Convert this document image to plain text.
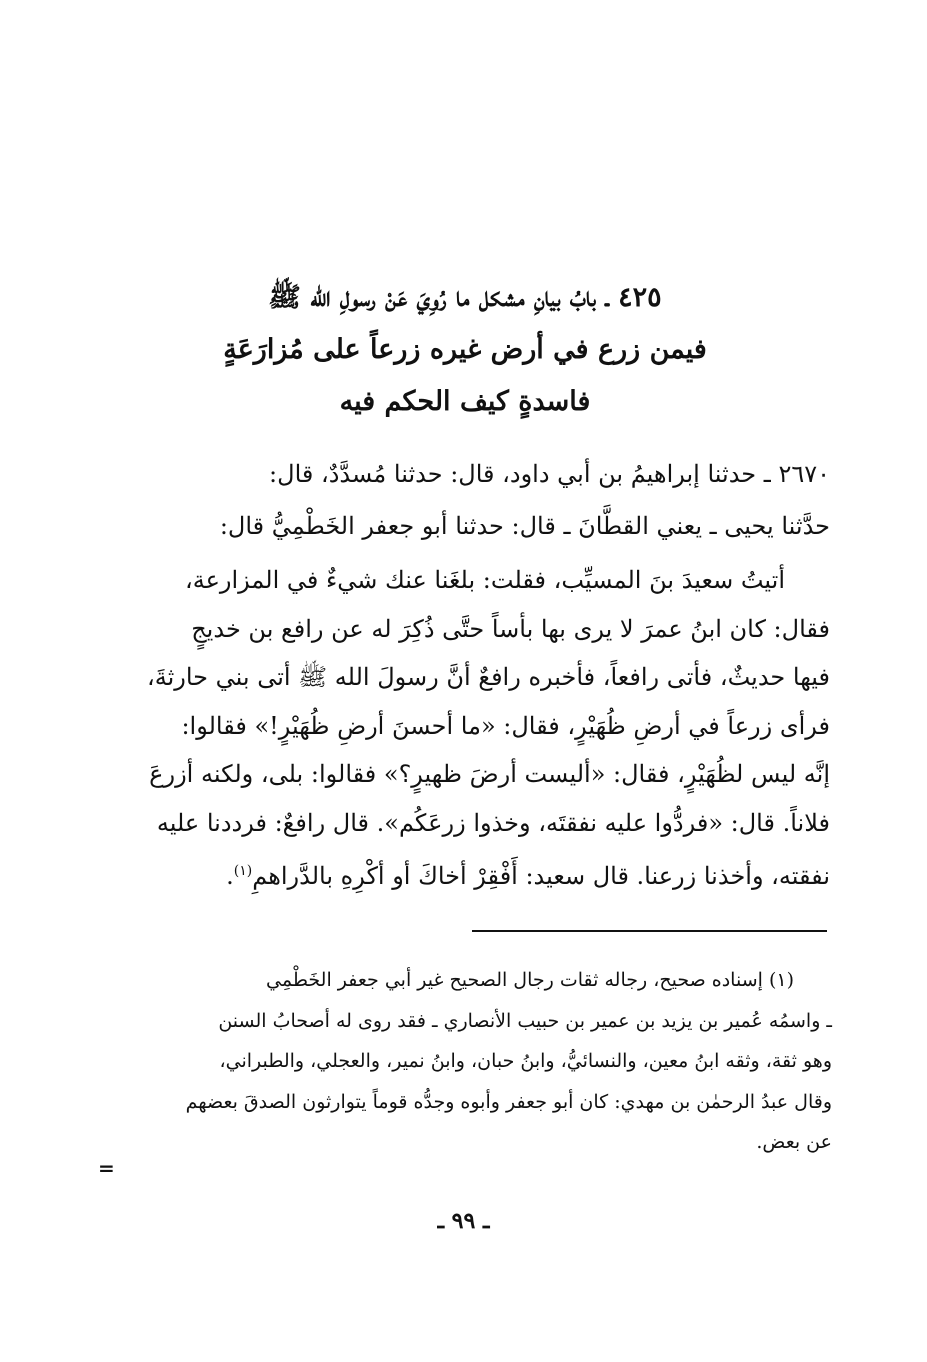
٤٢٥ ـ بابُ بيانِ مشكل ما رُوِيَ عَنْ رسولِ الله ﷺ
فيمن زرع في أرض غيره زرعاً على مُزارَعَةٍ
فاسدةٍ كيف الحكم فيه
٢٦٧٠ ـ حدثنا إبراهيمُ بن أبي داود، قال: حدثنا مُسدَّدٌ، قال:
حدَّثنا يحيى ـ يعني القطَّانَ ـ قال: حدثنا أبو جعفر الخَطْمِيُّ قال:
أتيتُ سعيدَ بنَ المسيِّب، فقلت: بلغَنا عنك شيءٌ في المزارعة،
فقال: كان ابنُ عمرَ لا يرى بها بأساً حتَّى ذُكِرَ له عن رافع بن خديجٍ
فيها حديثٌ، فأتى رافعاً، فأخبره رافعٌ أنَّ رسولَ الله ﷺ أتى بني حارثةَ،
فرأى زرعاً في أرضِ ظُهَيْرٍ، فقال: «ما أحسنَ أرضِ ظُهَيْرٍ!» فقالوا:
إنَّه ليس لظُهَيْرٍ، فقال: «أليست أرضَ ظهيرٍ؟» فقالوا: بلى، ولكنه أزرعَ
فلاناً. قال: «فردُّوا عليه نفقتَه، وخذوا زرعَكُم». قال رافعٌ: فرددنا عليه
نفقته، وأخذنا زرعنا. قال سعيد: أَفْقِرْ أخاكَ أو أكْرِهِ بالدَّراهمِ$^{(١)}$.
(١) إسناده صحيح، رجاله ثقات رجال الصحيح غير أبي جعفر الخَطْمِي
ـ واسمُه عُمير بن يزيد بن عمير بن حبيب الأنصاري ـ فقد روى له أصحابُ السنن
وهو ثقة، وثقه ابنُ معين، والنسائيُّ، وابنُ حبان، وابنُ نمير، والعجلي، والطبراني،
وقال عبدُ الرحمٰن بن مهدي: كان أبو جعفر وأبوه وجدُّه قوماً يتوارثون الصدقَ بعضهم
عن بعض.
=
ـ ٩٩ ـ
